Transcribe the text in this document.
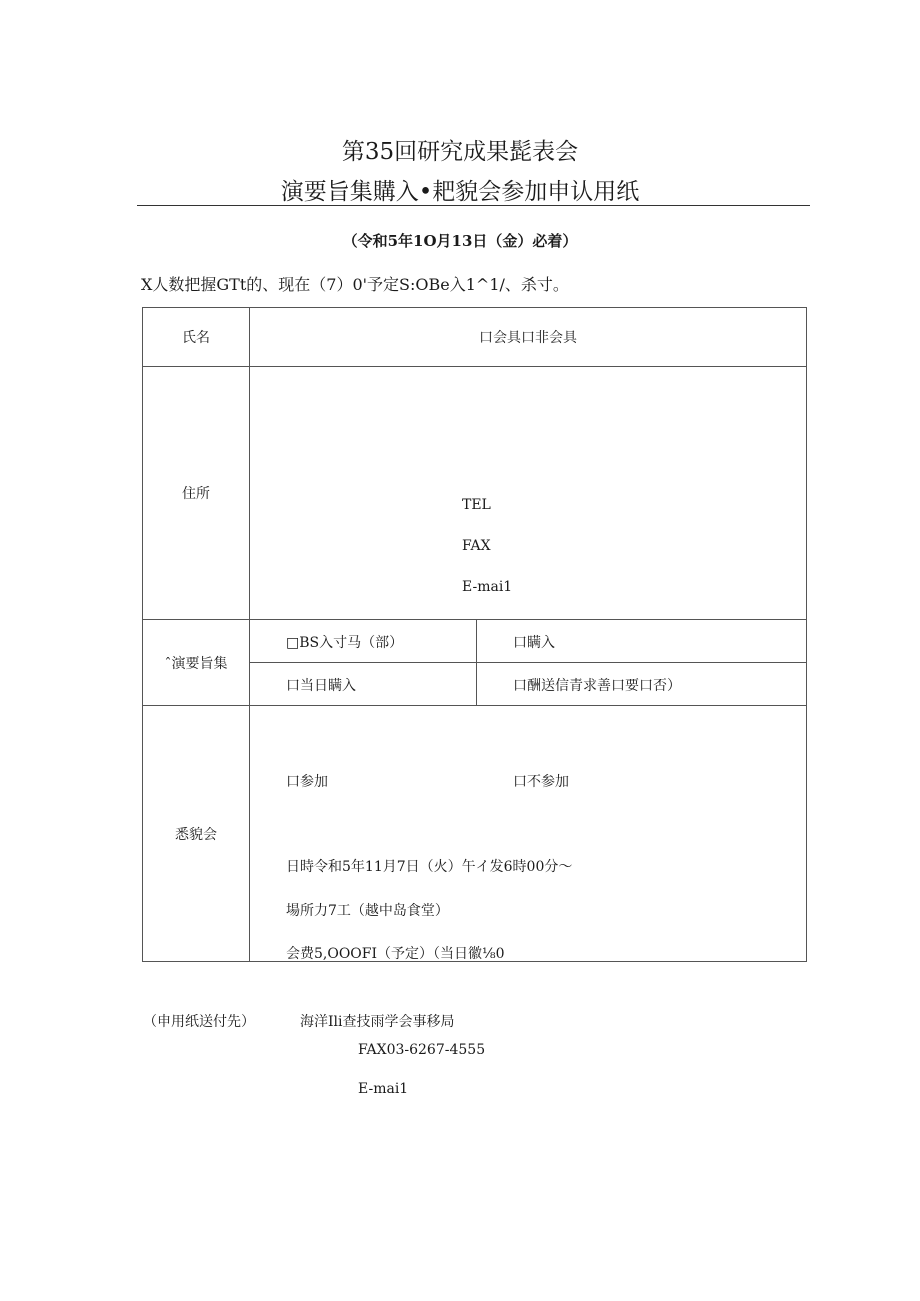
第35回研究成果髭表会
演要旨集購入•耙貌会参加申认用纸
（令和5年1O月13日（金）必着）
X人数把握GTt的、现在（7）0'予定S:OBe入1^1/、杀寸。
氏名	口会具口非会具	
住所	TEL
FAX
E-mai1	

ˆ演要旨集	□BS入寸马（部）	口瞒入

	口当日瞒入	口酬送信青求善口要口否）

悉貌会	口参加 口不参加
日時令和5年11月7日（火）午イ发6時00分〜
場所力7工（越中岛食堂）
会费5,OOOFI（予定）（当日徽⅛0	
（申用纸送付先）	海洋Ili查技雨学会事移局
FAX03-6267-4555
E-mai1
